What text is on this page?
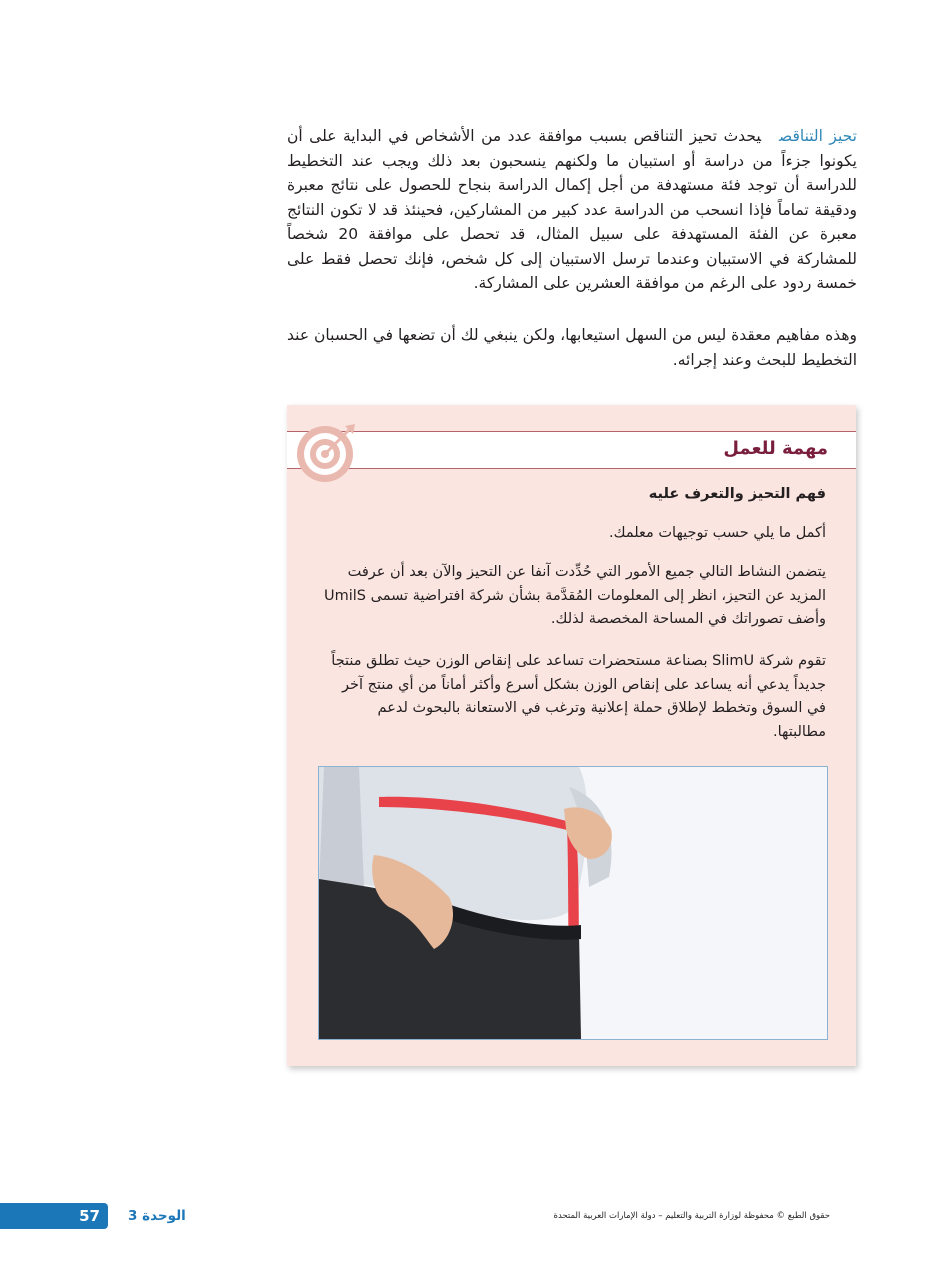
تحيز التناقصيحدث تحيز التناقص بسبب موافقة عدد من الأشخاص في البداية على أن يكونوا جزءاً من دراسة أو استبيان ما ولكنهم ينسحبون بعد ذلك ويجب عند التخطيط للدراسة أن توجد فئة مستهدفة من أجل إكمال الدراسة بنجاح للحصول على نتائج معبرة ودقيقة تماماً فإذا انسحب من الدراسة عدد كبير من المشاركين، فحينئذ قد لا تكون النتائج معبرة عن الفئة المستهدفة على سبيل المثال، قد تحصل على موافقة 20 شخصاً للمشاركة في الاستبيان وعندما ترسل الاستبيان إلى كل شخص، فإنك تحصل فقط على خمسة ردود على الرغم من موافقة العشرين على المشاركة.

وهذه مفاهيم معقدة ليس من السهل استيعابها، ولكن ينبغي لك أن تضعها في الحسبان عند التخطيط للبحث وعند إجرائه.

مهمة للعمل

فهم التحيز والتعرف عليه

أكمل ما يلي حسب توجيهات معلمك.

يتضمن النشاط التالي جميع الأمور التي حُدِّدت آنفا عن التحيز والآن بعد أن عرفت المزيد عن التحيز، انظر إلى المعلومات المُقدَّمة بشأن شركة افتراضية تسمى UmilS وأضف تصوراتك في المساحة المخصصة لذلك.

تقوم شركة SlimU بصناعة مستحضرات تساعد على إنقاص الوزن حيث تطلق منتجاً جديداً يدعي أنه يساعد على إنقاص الوزن بشكل أسرع وأكثر أماناً من أي منتج آخر في السوق وتخطط لإطلاق حملة إعلانية وترغب في الاستعانة بالبحوث لدعم مطالبتها.

57 الوحدة 3	حقوق الطبع © محفوظة لوزارة التربية والتعليم – دولة الإمارات العربية المتحدة
